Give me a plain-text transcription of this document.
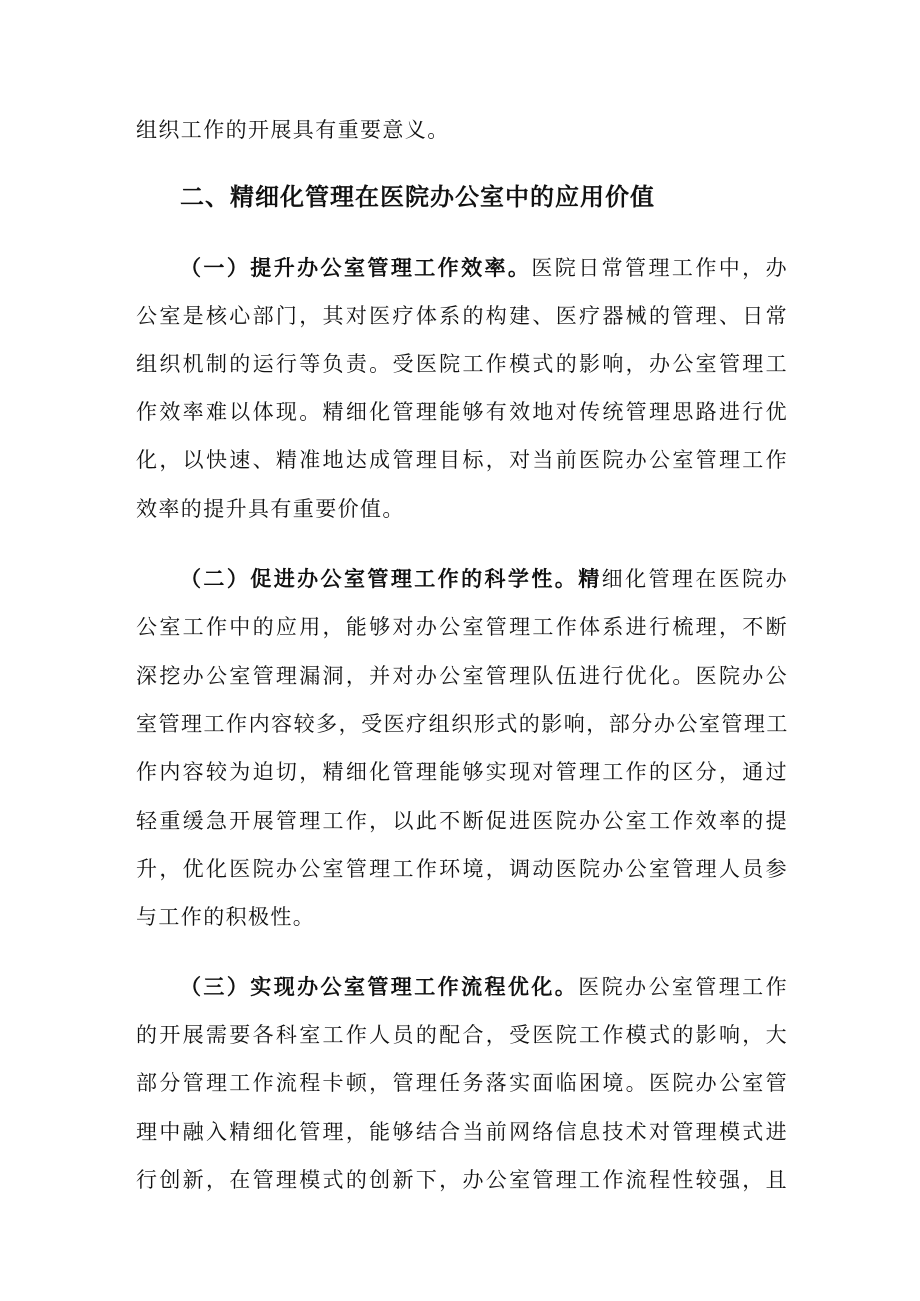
组织工作的开展具有重要意义。
二、精细化管理在医院办公室中的应用价值
（一）提升办公室管理工作效率。医院日常管理工作中，办
公室是核心部门，其对医疗体系的构建、医疗器械的管理、日常
组织机制的运行等负责。受医院工作模式的影响，办公室管理工
作效率难以体现。精细化管理能够有效地对传统管理思路进行优
化，以快速、精准地达成管理目标，对当前医院办公室管理工作
效率的提升具有重要价值。
（二）促进办公室管理工作的科学性。精细化管理在医院办
公室工作中的应用，能够对办公室管理工作体系进行梳理，不断
深挖办公室管理漏洞，并对办公室管理队伍进行优化。医院办公
室管理工作内容较多，受医疗组织形式的影响，部分办公室管理工
作内容较为迫切，精细化管理能够实现对管理工作的区分，通过
轻重缓急开展管理工作，以此不断促进医院办公室工作效率的提
升，优化医院办公室管理工作环境，调动医院办公室管理人员参
与工作的积极性。
（三）实现办公室管理工作流程优化。医院办公室管理工作
的开展需要各科室工作人员的配合，受医院工作模式的影响，大
部分管理工作流程卡顿，管理任务落实面临困境。医院办公室管
理中融入精细化管理，能够结合当前网络信息技术对管理模式进
行创新，在管理模式的创新下，办公室管理工作流程性较强，且
